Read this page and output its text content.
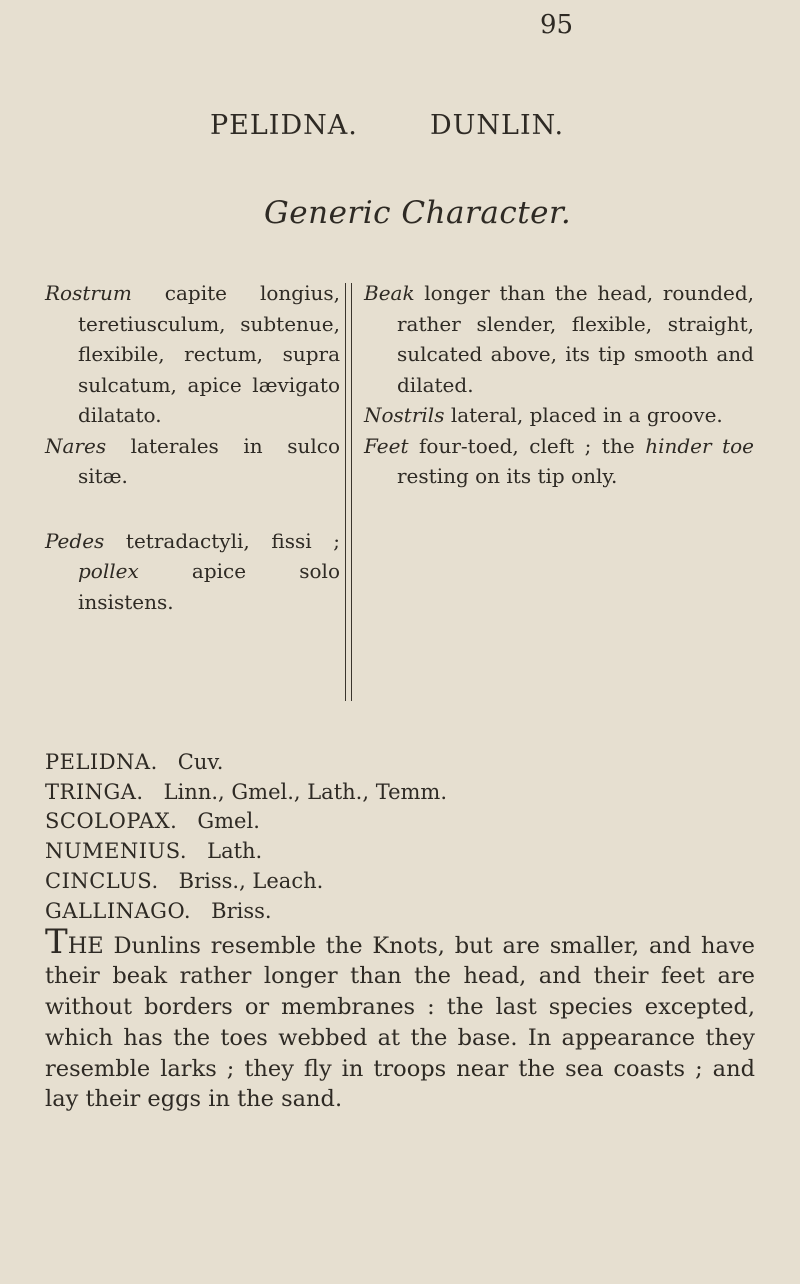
95
PELIDNA.	DUNLIN.
Generic Character.

Rostrum capite longius, teretiusculum, subtenue, flexibile, rectum, supra sulcatum, apice lævigato dilatato.

Nares laterales in sulco sitæ.

Pedes tetradactyli, fissi ; pollex apice solo insistens.

Beak longer than the head, rounded, rather slender, flexible, straight, sulcated above, its tip smooth and dilated.

Nostrils lateral, placed in a groove.

Feet four-toed, cleft ; the hinder toe resting on its tip only.

PELIDNA. Cuv.
TRINGA. Linn., Gmel., Lath., Temm.
SCOLOPAX. Gmel.
NUMENIUS. Lath.
CINCLUS. Briss., Leach.
GALLINAGO. Briss.

THE Dunlins resemble the Knots, but are smaller, and have their beak rather longer than the head, and their feet are without borders or membranes : the last species excepted, which has the toes webbed at the base. In appearance they resemble larks ; they fly in troops near the sea coasts ; and lay their eggs in the sand.
